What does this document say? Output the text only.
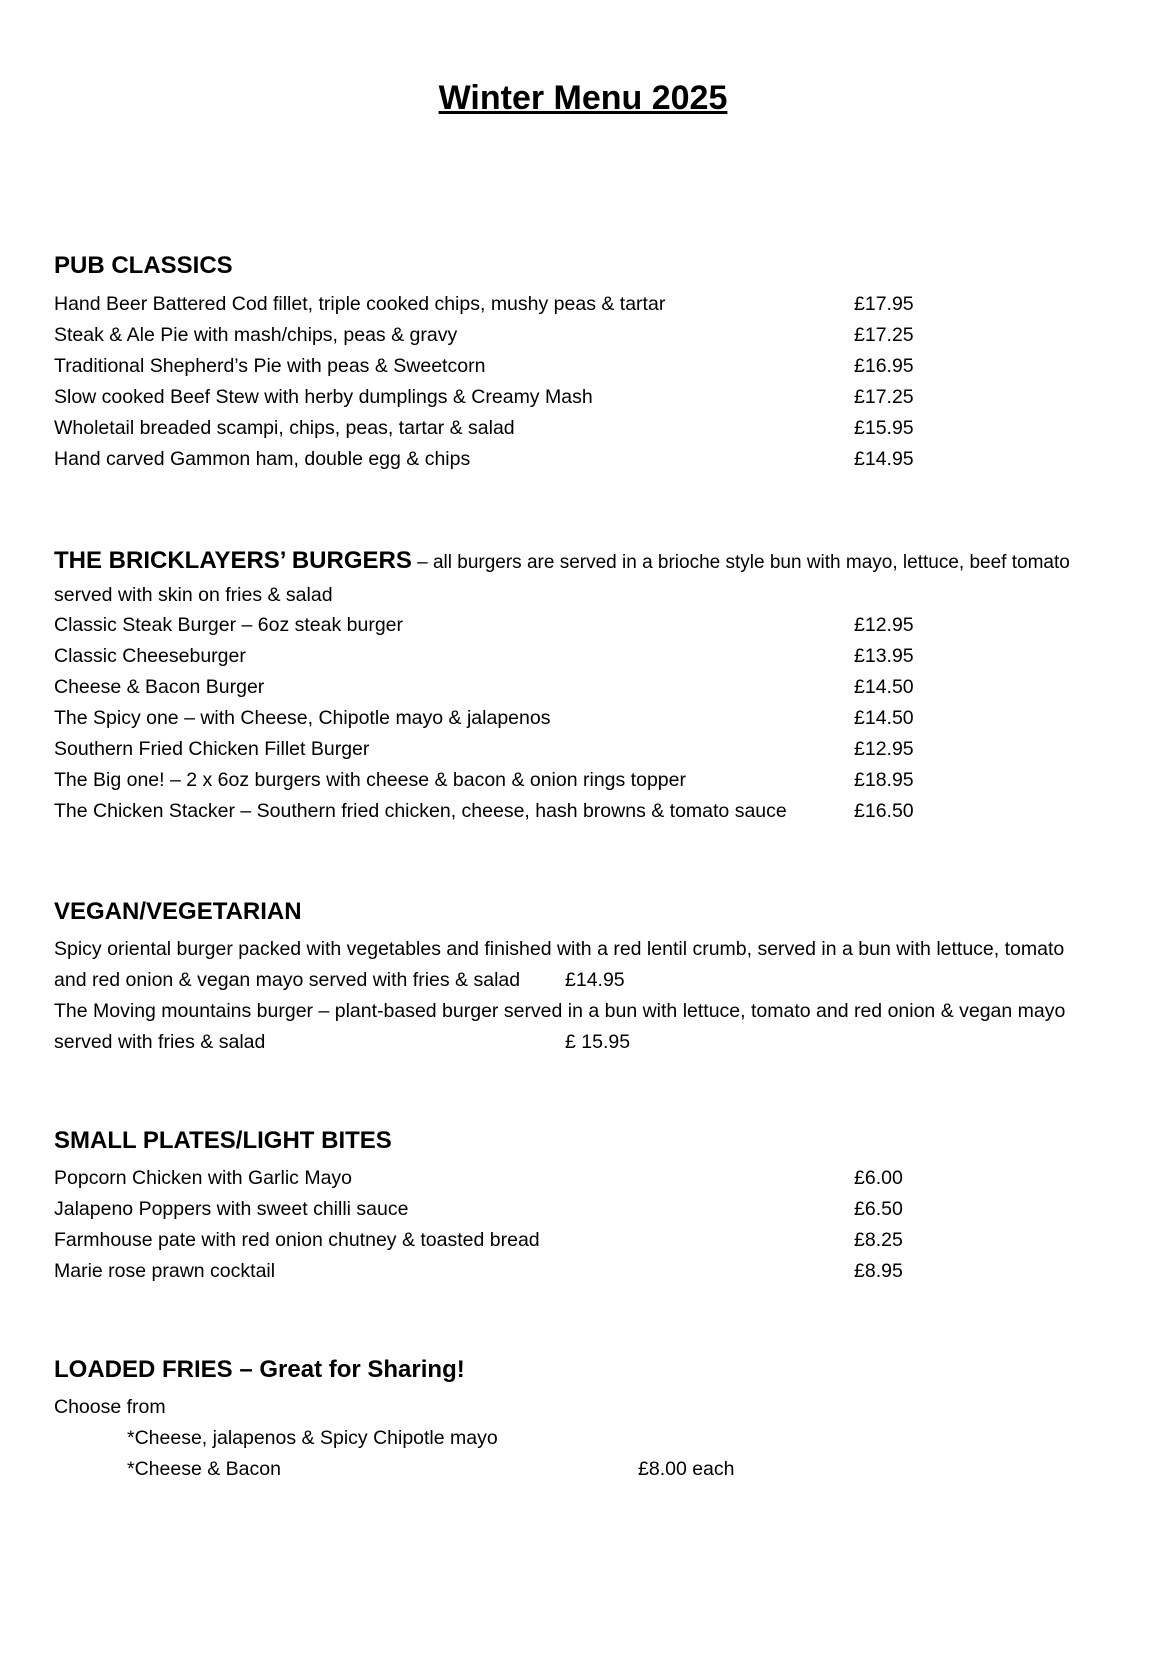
Winter Menu 2025
PUB CLASSICS
Hand Beer Battered Cod fillet, triple cooked chips, mushy peas & tartar	£17.95
Steak & Ale Pie with mash/chips, peas & gravy	£17.25
Traditional Shepherd’s Pie with peas & Sweetcorn	£16.95
Slow cooked Beef Stew with herby dumplings & Creamy Mash	£17.25
Wholetail breaded scampi, chips, peas, tartar & salad	£15.95
Hand carved Gammon ham, double egg & chips	£14.95
THE BRICKLAYERS’ BURGERS – all burgers are served in a brioche style bun with mayo, lettuce, beef tomato
served with skin on fries & salad
Classic Steak Burger – 6oz steak burger	£12.95
Classic Cheeseburger	£13.95
Cheese & Bacon Burger	£14.50
The Spicy one – with Cheese, Chipotle mayo & jalapenos	£14.50
Southern Fried Chicken Fillet Burger	£12.95
The Big one! – 2 x 6oz burgers with cheese & bacon & onion rings topper	£18.95
The Chicken Stacker – Southern fried chicken, cheese, hash browns & tomato sauce	£16.50
VEGAN/VEGETARIAN
Spicy oriental burger packed with vegetables and finished with a red lentil crumb, served in a bun with lettuce, tomato
and red onion & vegan mayo served with fries & salad £14.95
The Moving mountains burger – plant-based burger served in a bun with lettuce, tomato and red onion & vegan mayo
served with fries & salad	£ 15.95
SMALL PLATES/LIGHT BITES
Popcorn Chicken with Garlic Mayo	£6.00
Jalapeno Poppers with sweet chilli sauce	£6.50
Farmhouse pate with red onion chutney & toasted bread	£8.25
Marie rose prawn cocktail	£8.95
LOADED FRIES – Great for Sharing!
Choose from
*Cheese, jalapenos & Spicy Chipotle mayo
*Cheese & Bacon	£8.00 each
